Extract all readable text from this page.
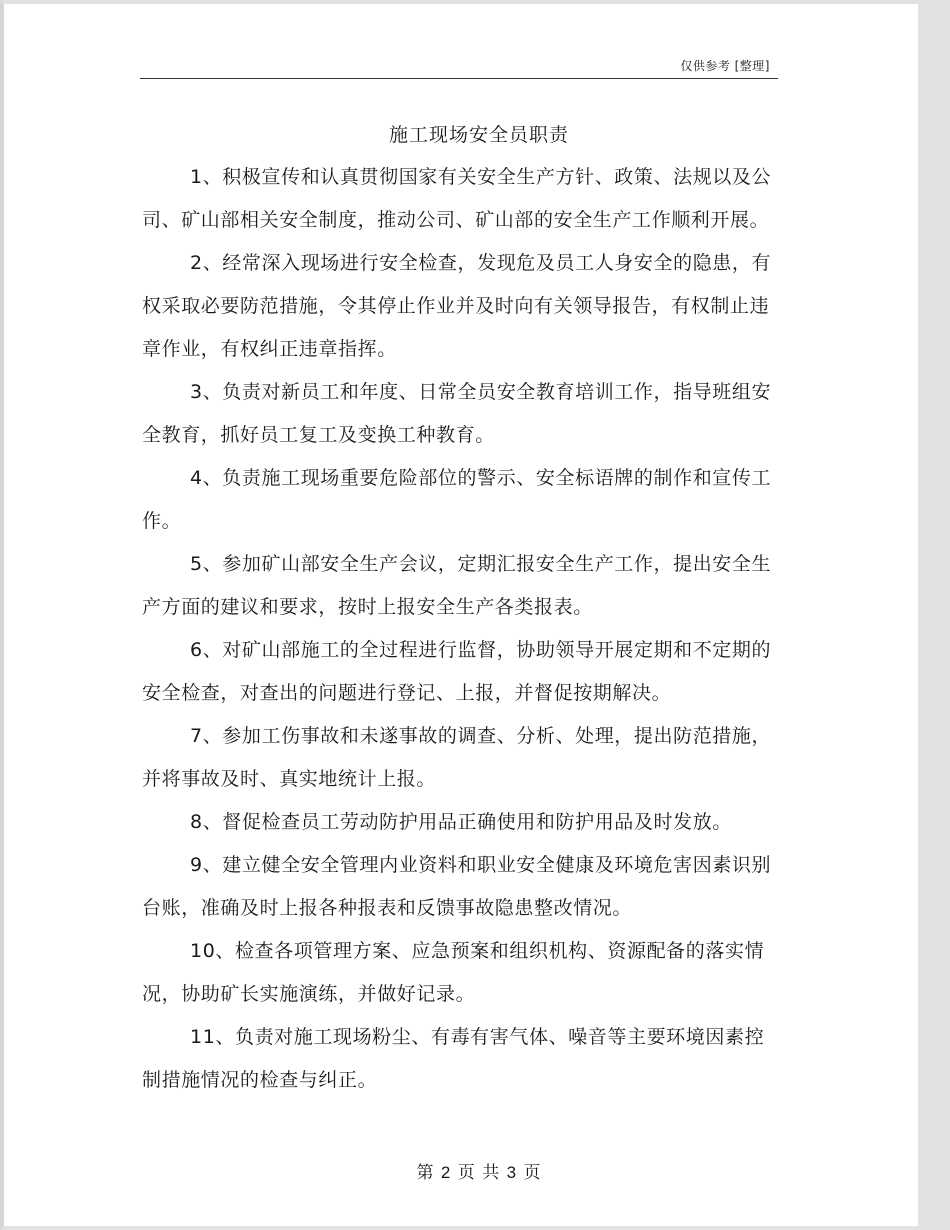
仅供参考 [整理]
施工现场安全员职责

1、积极宣传和认真贯彻国家有关安全生产方针、政策、法规以及公司、矿山部相关安全制度，推动公司、矿山部的安全生产工作顺利开展。

2、经常深入现场进行安全检查，发现危及员工人身安全的隐患，有权采取必要防范措施，令其停止作业并及时向有关领导报告，有权制止违章作业，有权纠正违章指挥。

3、负责对新员工和年度、日常全员安全教育培训工作，指导班组安全教育，抓好员工复工及变换工种教育。

4、负责施工现场重要危险部位的警示、安全标语牌的制作和宣传工作。

5、参加矿山部安全生产会议，定期汇报安全生产工作，提出安全生产方面的建议和要求，按时上报安全生产各类报表。

6、对矿山部施工的全过程进行监督，协助领导开展定期和不定期的安全检查，对查出的问题进行登记、上报，并督促按期解决。

7、参加工伤事故和未遂事故的调查、分析、处理，提出防范措施，并将事故及时、真实地统计上报。

8、督促检查员工劳动防护用品正确使用和防护用品及时发放。

9、建立健全安全管理内业资料和职业安全健康及环境危害因素识别台账，准确及时上报各种报表和反馈事故隐患整改情况。

10、检查各项管理方案、应急预案和组织机构、资源配备的落实情况，协助矿长实施演练，并做好记录。

11、负责对施工现场粉尘、有毒有害气体、噪音等主要环境因素控制措施情况的检查与纠正。

第 2 页 共 3 页
